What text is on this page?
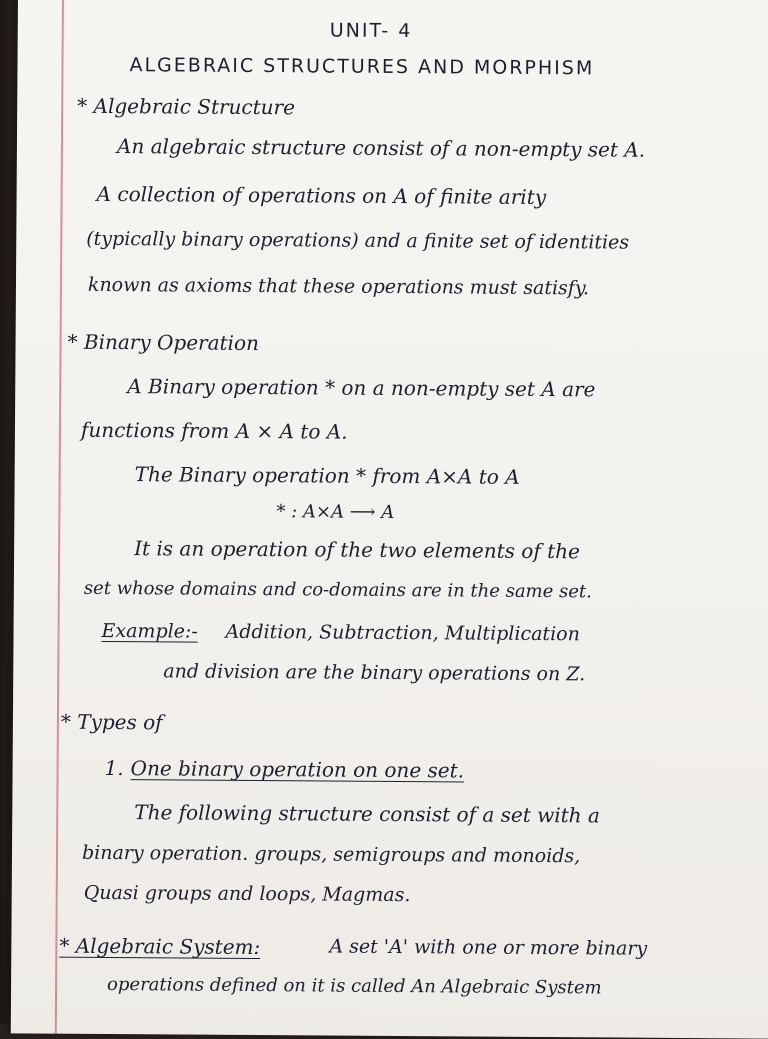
UNIT- 4
ALGEBRAIC STRUCTURES AND MORPHISM
* Algebraic Structure
An algebraic structure consist of a non-empty set A.
A collection of operations on A of finite arity
(typically binary operations) and a finite set of identities
known as axioms that these operations must satisfy.
* Binary Operation
A Binary operation * on a non-empty set A are
functions from A × A to A.
The Binary operation * from A×A to A
* : A×A ⟶ A
It is an operation of the two elements of the
set whose domains and co-domains are in the same set.
Example:- Addition, Subtraction, Multiplication
and division are the binary operations on Z.
* Types of
1. One binary operation on one set.
The following structure consist of a set with a
binary operation. groups, semigroups and monoids,
Quasi groups and loops, Magmas.
* Algebraic System:	A set 'A' with one or more binary
operations defined on it is called An Algebraic System
